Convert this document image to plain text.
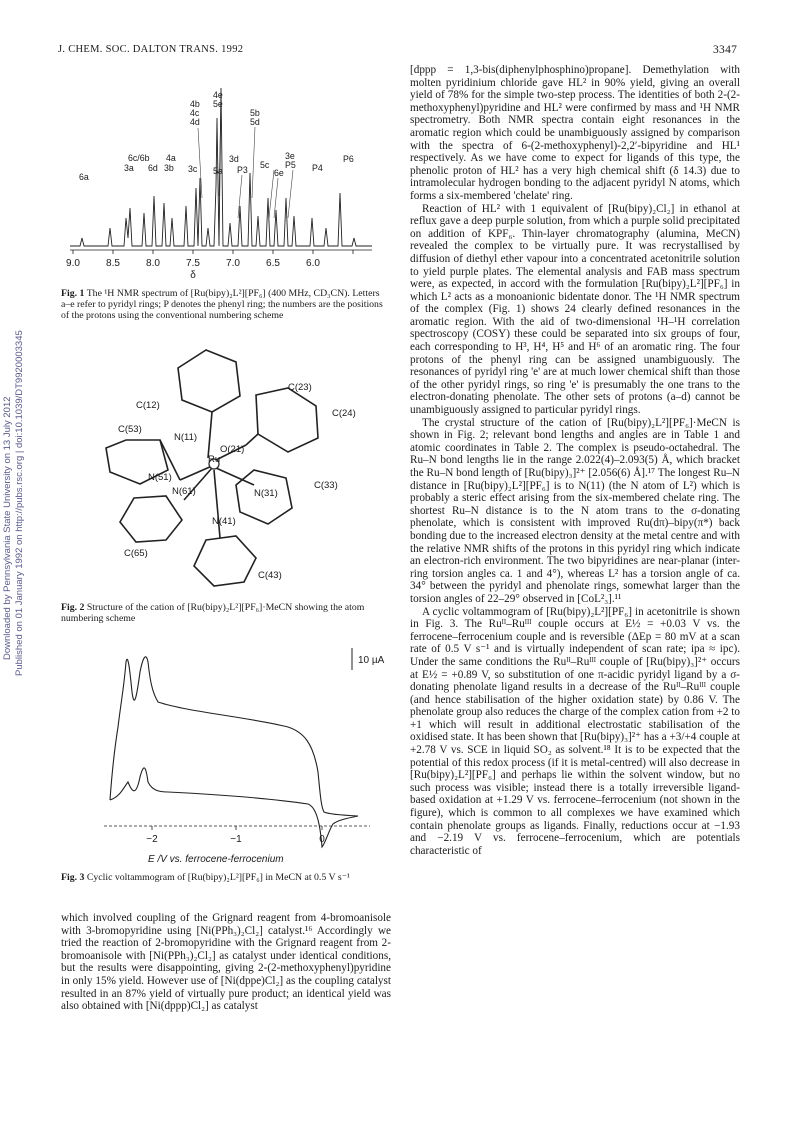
J. CHEM. SOC. DALTON TRANS. 1992	3347
Downloaded by Pennsylvania State University on 13 July 2012 Published on 01 January 1992 on http://pubs.rsc.org | doi:10.1039/DT9920003345
4e
5e
4b
4c
4d
5b
5d
6c/6b 4a
3a 6d 3b 3c 5a
3d
P3 5c
6e
3e
P5 P4
P6
6a
9.0	8.5	8.0	7.5	7.0	6.5	6.0
δ
Fig. 1 The ¹H NMR spectrum of [Ru(bipy)₂L²][PF₆] (400 MHz, CD₃CN). Letters a–e refer to pyridyl rings; P denotes the phenyl ring; the numbers are the positions of the protons using the conventional numbering scheme
C(23)
C(12)
C(24)
N(11)
C(53)
O(21)
Ru
N(51)
C(33)
N(61)	N(31)
C(65)
N(41)
C(43)
Fig. 2 Structure of the cation of [Ru(bipy)₂L²][PF₆]·MeCN showing the atom numbering scheme
10 µA
−2	−1	0
E /V vs. ferrocene-ferrocenium
Fig. 3 Cyclic voltammogram of [Ru(bipy)₂L²][PF₆] in MeCN at 0.5 V s⁻¹

which involved coupling of the Grignard reagent from 4-bromoanisole with 3-bromopyridine using [Ni(PPh₃)₂Cl₂] catalyst.¹⁶ Accordingly we tried the reaction of 2-bromopyridine with the Grignard reagent from 2-bromoanisole with [Ni(PPh₃)₂Cl₂] as catalyst under identical conditions, but the results were disappointing, giving 2-(2-methoxyphenyl)pyridine in only 15% yield. However use of [Ni(dppe)Cl₂] as the coupling catalyst resulted in an 87% yield of virtually pure product; an identical yield was also obtained with [Ni(dppp)Cl₂] as catalyst

[dppp = 1,3-bis(diphenylphosphino)propane]. Demethylation with molten pyridinium chloride gave HL² in 90% yield, giving an overall yield of 78% for the simple two-step process. The identities of both 2-(2-methoxyphenyl)pyridine and HL² were confirmed by mass and ¹H NMR spectrometry. Both NMR spectra contain eight resonances in the aromatic region which could be unambiguously assigned by comparison with the spectra of 6-(2-methoxyphenyl)-2,2′-bipyridine and HL¹ respectively. As we have come to expect for ligands of this type, the phenolic proton of HL² has a very high chemical shift (δ 14.3) due to intramolecular hydrogen bonding to the adjacent pyridyl N atoms, which forms a six-membered 'chelate' ring.

Reaction of HL² with 1 equivalent of [Ru(bipy)₂Cl₂] in ethanol at reflux gave a deep purple solution, from which a purple solid precipitated on addition of KPF₆. Thin-layer chromatography (alumina, MeCN) revealed the complex to be virtually pure. It was recrystallised by diffusion of diethyl ether vapour into a concentrated acetonitrile solution to yield purple plates. The elemental analysis and FAB mass spectrum were, as expected, in accord with the formulation [Ru(bipy)₂L²][PF₆] in which L² acts as a monoanionic bidentate donor. The ¹H NMR spectrum of the complex (Fig. 1) shows 24 clearly defined resonances in the aromatic region. With the aid of two-dimensional ¹H–¹H correlation spectroscopy (COSY) these could be separated into six groups of four, each corresponding to H³, H⁴, H⁵ and H⁶ of an aromatic ring. The four protons of the phenyl ring can be assigned unambiguously. The resonances of pyridyl ring 'e' are at much lower chemical shift than those of the other pyridyl rings, so ring 'e' is presumably the one trans to the electron-donating phenolate. The other sets of protons (a–d) cannot be unambiguously assigned to particular pyridyl rings.

The crystal structure of the cation of [Ru(bipy)₂L²][PF₆]·MeCN is shown in Fig. 2; relevant bond lengths and angles are in Table 1 and atomic coordinates in Table 2. The complex is pseudo-octahedral. The Ru–N bond lengths lie in the range 2.022(4)–2.093(5) Å, which bracket the Ru–N bond length of [Ru(bipy)₃]²⁺ [2.056(6) Å].¹⁷ The longest Ru–N distance in [Ru(bipy)₂L²][PF₆] is to N(11) (the N atom of L²) which is probably a steric effect arising from the six-membered chelate ring. The shortest Ru–N distance is to the N atom trans to the σ-donating phenolate, which is consistent with improved Ru(dπ)–bipy(π*) back bonding due to the increased electron density at the metal centre and with the relative NMR shifts of the protons in this pyridyl ring which indicate an electron-rich environment. The two bipyridines are near-planar (inter-ring torsion angles ca. 1 and 4°), whereas L² has a torsion angle of ca. 34° between the pyridyl and phenolate rings, somewhat larger than the torsion angles of 22–29° observed in [CoL²₃].¹¹

A cyclic voltammogram of [Ru(bipy)₂L²][PF₆] in acetonitrile is shown in Fig. 3. The Ruᴵᴵ–Ruᴵᴵᴵ couple occurs at E½ = +0.03 V vs. the ferrocene–ferrocenium couple and is reversible (ΔEp = 80 mV at a scan rate of 0.5 V s⁻¹ and is virtually independent of scan rate; ipa ≈ ipc). Under the same conditions the Ruᴵᴵ–Ruᴵᴵᴵ couple of [Ru(bipy)₃]²⁺ occurs at E½ = +0.89 V, so substitution of one π-acidic pyridyl ligand by a σ-donating phenolate ligand results in a decrease of the Ruᴵᴵ–Ruᴵᴵᴵ couple (and hence stabilisation of the higher oxidation state) by 0.86 V. The phenolate group also reduces the charge of the complex cation from +2 to +1 which will result in additional electrostatic stabilisation of the oxidised state. It has been shown that [Ru(bipy)₃]²⁺ has a +3/+4 couple at +2.78 V vs. SCE in liquid SO₂ as solvent.¹⁸ It is to be expected that the potential of this redox process (if it is metal-centred) will also decrease in [Ru(bipy)₂L²][PF₆] and perhaps lie within the solvent window, but no such process was visible; instead there is a totally irreversible ligand-based oxidation at +1.29 V vs. ferrocene–ferrocenium (not shown in the figure), which is common to all complexes we have examined which contain phenolate groups as ligands. Finally, reductions occur at −1.93 and −2.19 V vs. ferrocene–ferrocenium, which are potentials characteristic of
